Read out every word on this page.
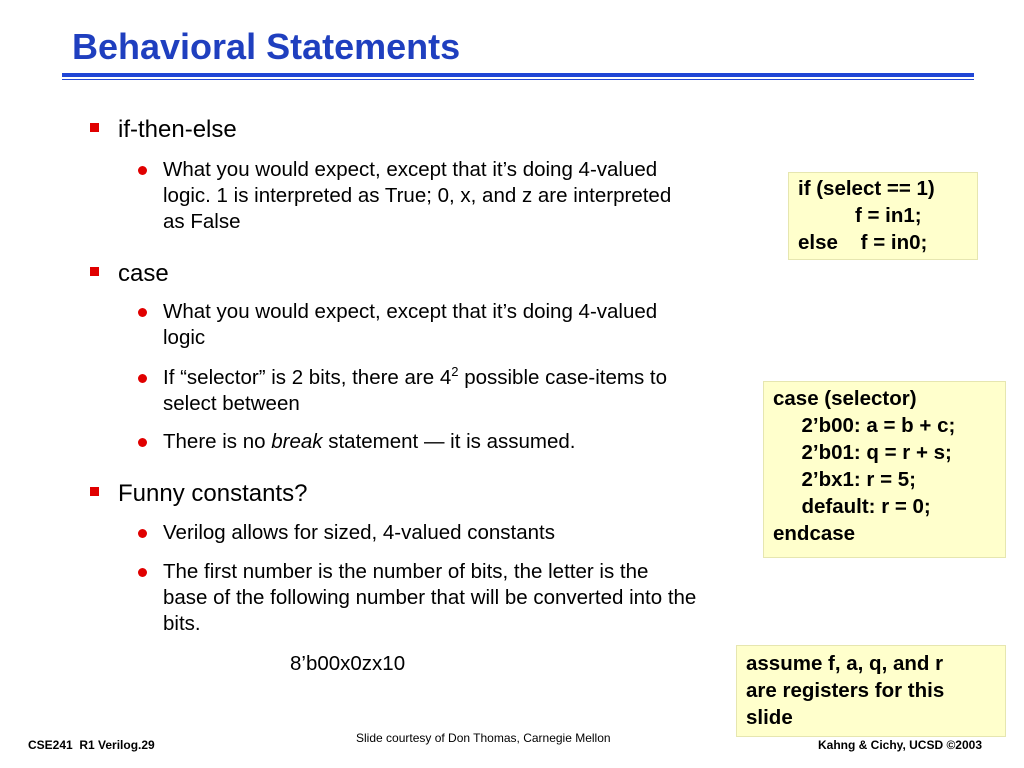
Behavioral Statements
if-then-else
What you would expect, except that it’s doing 4-valued logic. 1 is interpreted as True; 0, x, and z are interpreted as False
case
What you would expect, except that it’s doing 4-valued logic
If “selector” is 2 bits, there are $4^2$ possible case-items to select between
There is no break statement — it is assumed.
Funny constants?
Verilog allows for sized, 4-valued constants
The first number is the number of bits, the letter is the base of the following number that will be converted into the bits.
8’b00x0zx10
if (select == 1)
f = in1;
else    f = in0;
case (selector)
2’b00: a = b + c;
2’b01: q = r + s;
2’bx1: r = 5;
default: r = 0;
endcase
assume f, a, q, and r
are registers for this
slide
CSE241  R1 Verilog.29	Slide courtesy of Don Thomas, Carnegie Mellon	Kahng & Cichy, UCSD ©2003
